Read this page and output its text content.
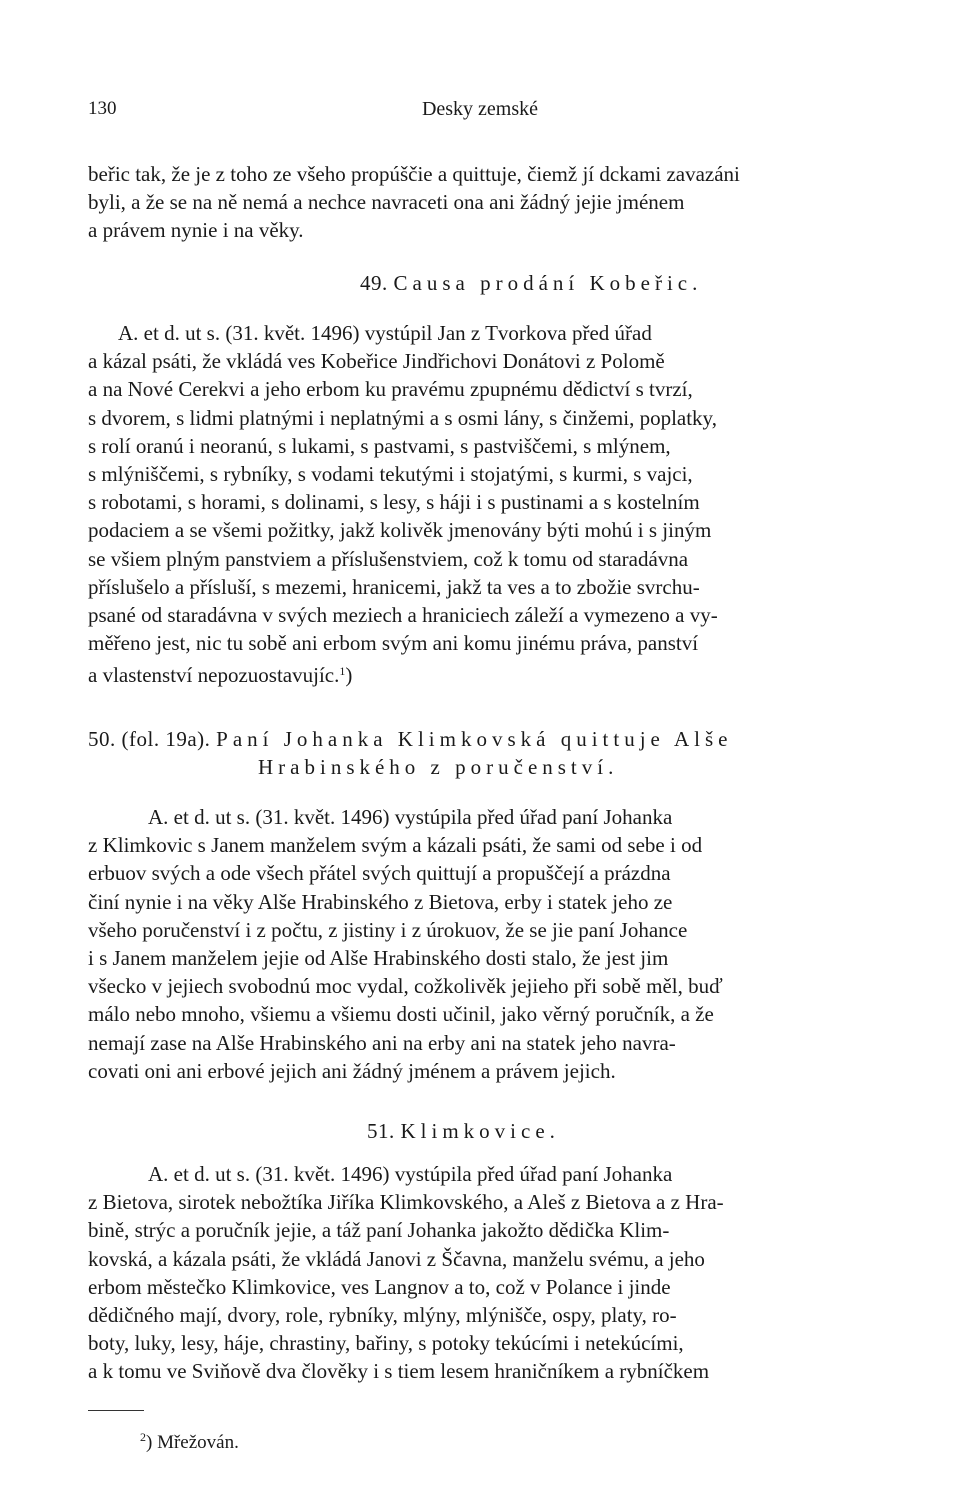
130	Desky zemské
beřic tak, že je z toho ze všeho propúščie a quittuje, čiemž jí dckami zavazáni
byli, a že se na ně nemá a nechce navraceti ona ani žádný jejie jménem
a právem nynie i na věky.
49. Causa prodání Kobeřic.
A. et d. ut s. (31. květ. 1496) vystúpil Jan z Tvorkova před úřad
a kázal psáti, že vkládá ves Kobeřice Jindřichovi Donátovi z Polomě
a na Nové Cerekvi a jeho erbom ku pravému zpupnému dědictví s tvrzí,
s dvorem, s lidmi platnými i neplatnými a s osmi lány, s činžemi, poplatky,
s rolí oranú i neoranú, s lukami, s pastvami, s pastviščemi, s mlýnem,
s mlýniščemi, s rybníky, s vodami tekutými i stojatými, s kurmi, s vajci,
s robotami, s horami, s dolinami, s lesy, s háji i s pustinami a s kostelním
podaciem a se všemi požitky, jakž kolivěk jmenovány býti mohú i s jiným
se všiem plným panstviem a příslušenstviem, což k tomu od staradávna
příslušelo a přísluší, s mezemi, hranicemi, jakž ta ves a to zbožie svrchu-
psané od staradávna v svých meziech a hraniciech záleží a vymezeno a vy-
měřeno jest, nic tu sobě ani erbom svým ani komu jinému práva, panství
a vlastenství nepozuostavujíc.$^1$)
50. (fol. 19a). Paní Johanka Klimkovská quittuje Alše
Hrabinského z poručenství.
A. et d. ut s. (31. květ. 1496) vystúpila před úřad paní Johanka
z Klimkovic s Janem manželem svým a kázali psáti, že sami od sebe i od
erbuov svých a ode všech přátel svých quittují a propuščejí a prázdna
činí nynie i na věky Alše Hrabinského z Bietova, erby i statek jeho ze
všeho poručenství i z počtu, z jistiny i z úrokuov, že se jie paní Johance
i s Janem manželem jejie od Alše Hrabinského dosti stalo, že jest jim
všecko v jejiech svobodnú moc vydal, cožkolivěk jejieho při sobě měl, buď
málo nebo mnoho, všiemu a všiemu dosti učinil, jako věrný poručník, a že
nemají zase na Alše Hrabinského ani na erby ani na statek jeho navra-
covati oni ani erbové jejich ani žádný jménem a právem jejich.
51. Klimkovice.
A. et d. ut s. (31. květ. 1496) vystúpila před úřad paní Johanka
z Bietova, sirotek nebožtíka Jiříka Klimkovského, a Aleš z Bietova a z Hra-
bině, strýc a poručník jejie, a táž paní Johanka jakožto dědička Klim-
kovská, a kázala psáti, že vkládá Janovi z Ščavna, manželu svému, a jeho
erbom městečko Klimkovice, ves Langnov a to, což v Polance i jinde
dědičného mají, dvory, role, rybníky, mlýny, mlýnišče, ospy, platy, ro-
boty, luky, lesy, háje, chrastiny, bařiny, s potoky tekúcími i netekúcími,
a k tomu ve Sviňově dva člověky i s tiem lesem hraničníkem a rybníčkem
$^2$) Mřežován.
